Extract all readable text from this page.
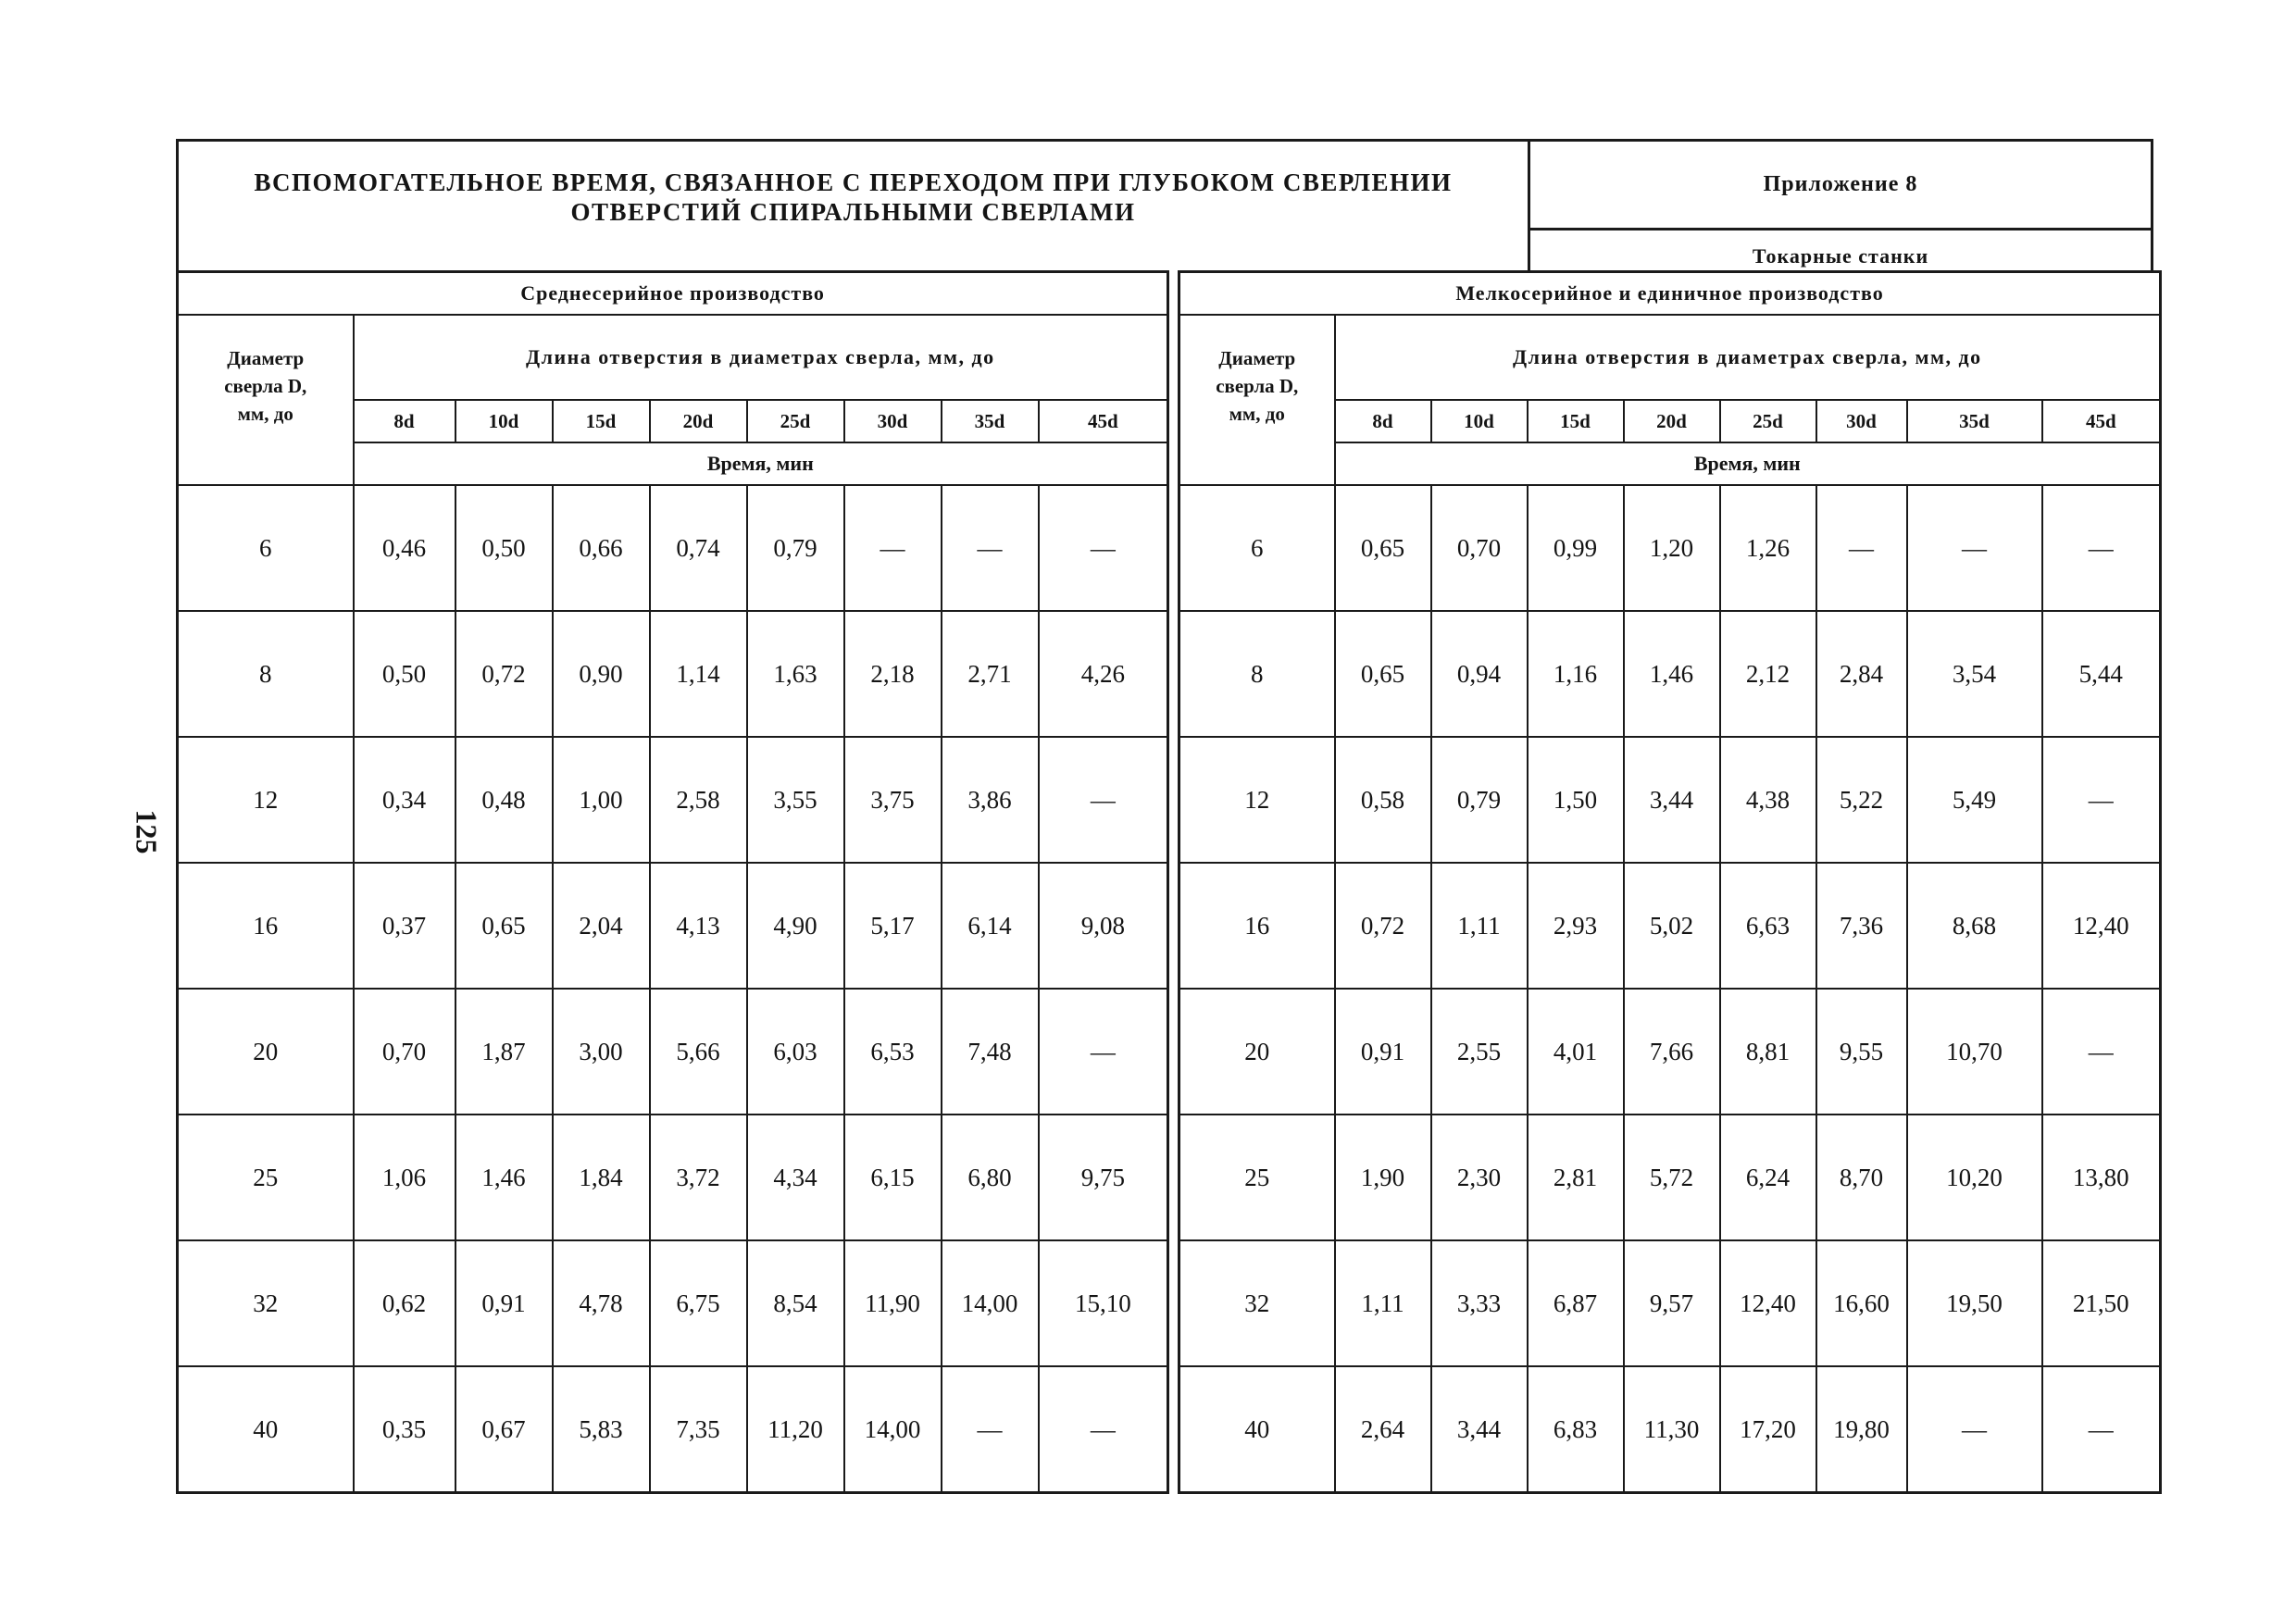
125
ВСПОМОГАТЕЛЬНОЕ ВРЕМЯ, СВЯЗАННОЕ С ПЕРЕХОДОМ ПРИ ГЛУБОКОМ СВЕРЛЕНИИ
ОТВЕРСТИЙ СПИРАЛЬНЫМИ СВЕРЛАМИ
Приложение 8
Токарные станки
Среднесерийное производство								

Диаметр
сверла D,
мм, до	Длина отверстия в диаметрах сверла, мм, до							
	8d	10d	15d	20d	25d	30d	35d	45d
	Время, мин							
6	0,46	0,50	0,66	0,74	0,79	—	—	—
8	0,50	0,72	0,90	1,14	1,63	2,18	2,71	4,26
12	0,34	0,48	1,00	2,58	3,55	3,75	3,86	—
16	0,37	0,65	2,04	4,13	4,90	5,17	6,14	9,08
20	0,70	1,87	3,00	5,66	6,03	6,53	7,48	—
25	1,06	1,46	1,84	3,72	4,34	6,15	6,80	9,75
32	0,62	0,91	4,78	6,75	8,54	11,90	14,00	15,10
40	0,35	0,67	5,83	7,35	11,20	14,00	—	—
Мелкосерийное и единичное производство								

Диаметр
сверла D,
мм, до	Длина отверстия в диаметрах сверла, мм, до							
	8d	10d	15d	20d	25d	30d	35d	45d
	Время, мин							
6	0,65	0,70	0,99	1,20	1,26	—	—	—
8	0,65	0,94	1,16	1,46	2,12	2,84	3,54	5,44
12	0,58	0,79	1,50	3,44	4,38	5,22	5,49	—
16	0,72	1,11	2,93	5,02	6,63	7,36	8,68	12,40
20	0,91	2,55	4,01	7,66	8,81	9,55	10,70	—
25	1,90	2,30	2,81	5,72	6,24	8,70	10,20	13,80
32	1,11	3,33	6,87	9,57	12,40	16,60	19,50	21,50
40	2,64	3,44	6,83	11,30	17,20	19,80	—	—
